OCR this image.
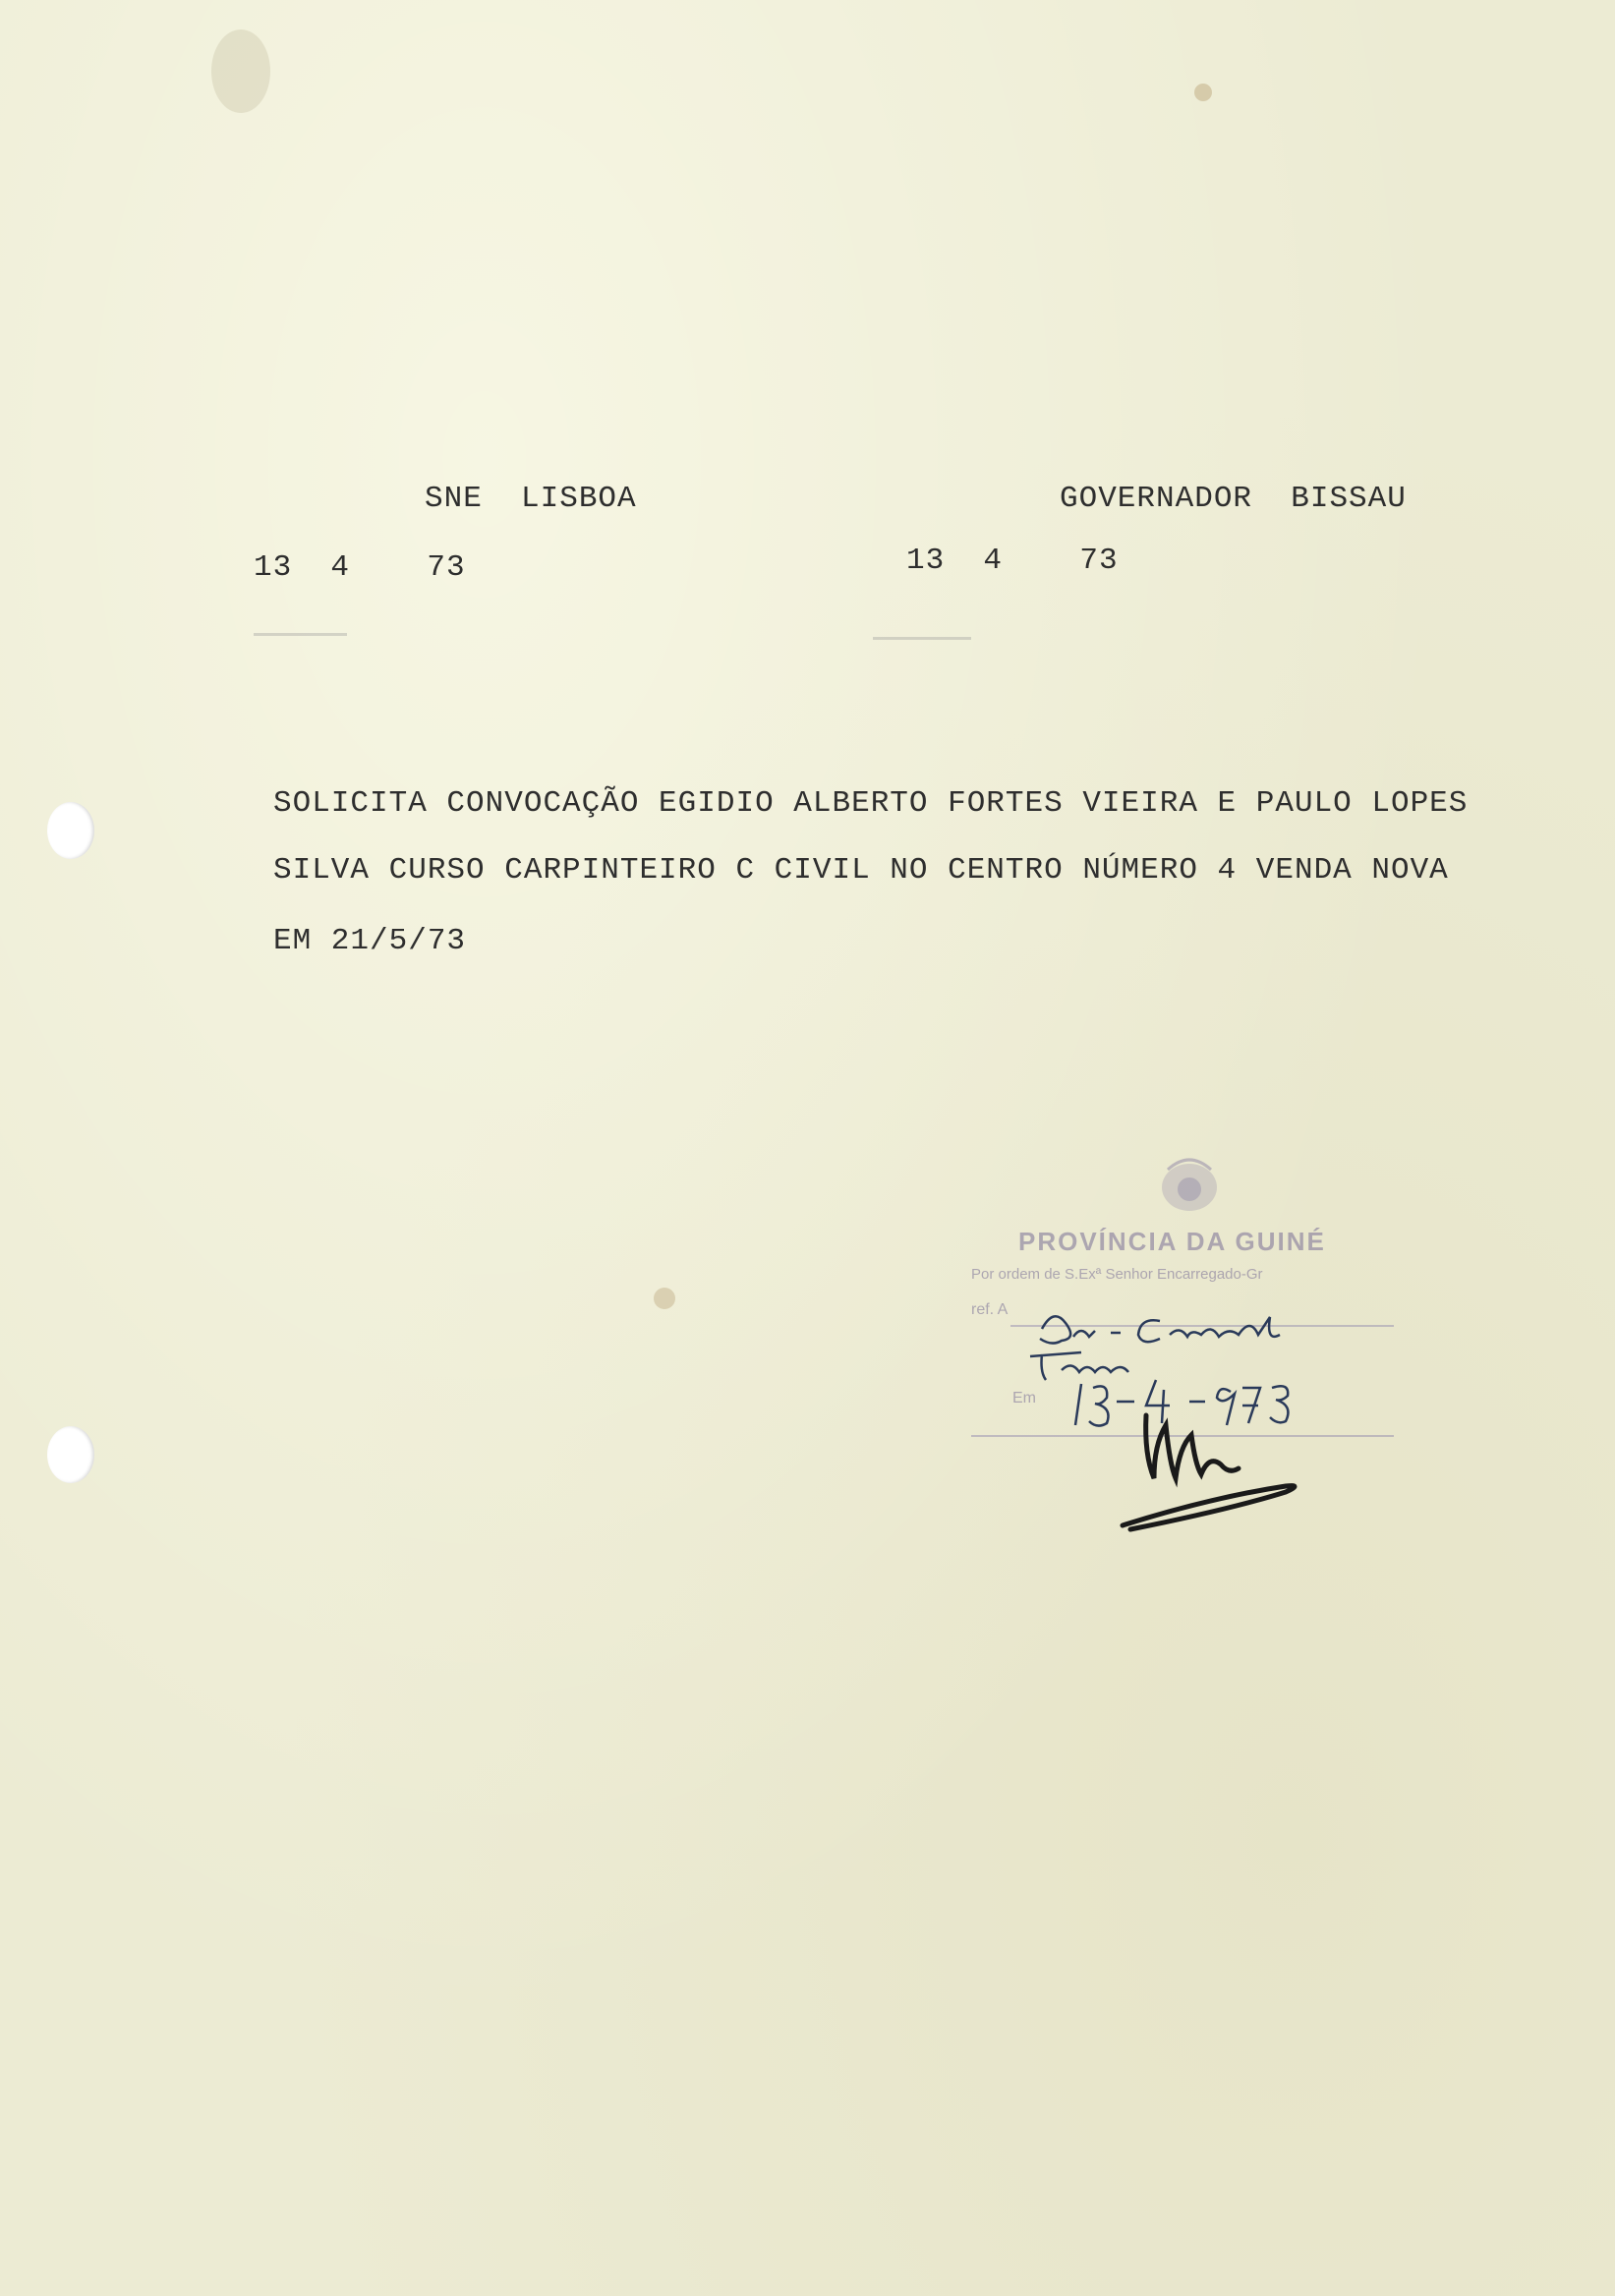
SNE  LISBOA	GOVERNADOR  BISSAU
13  4    73	13  4    73
SOLICITA CONVOCAÇÃO EGIDIO ALBERTO FORTES VIEIRA E PAULO LOPES
SILVA CURSO CARPINTEIRO C CIVIL NO CENTRO NÚMERO 4 VENDA NOVA
EM 21/5/73
PROVÍNCIA DA GUINÉ
Por ordem de S.Exª Senhor Encarregado-Gr
ref. A
Em
